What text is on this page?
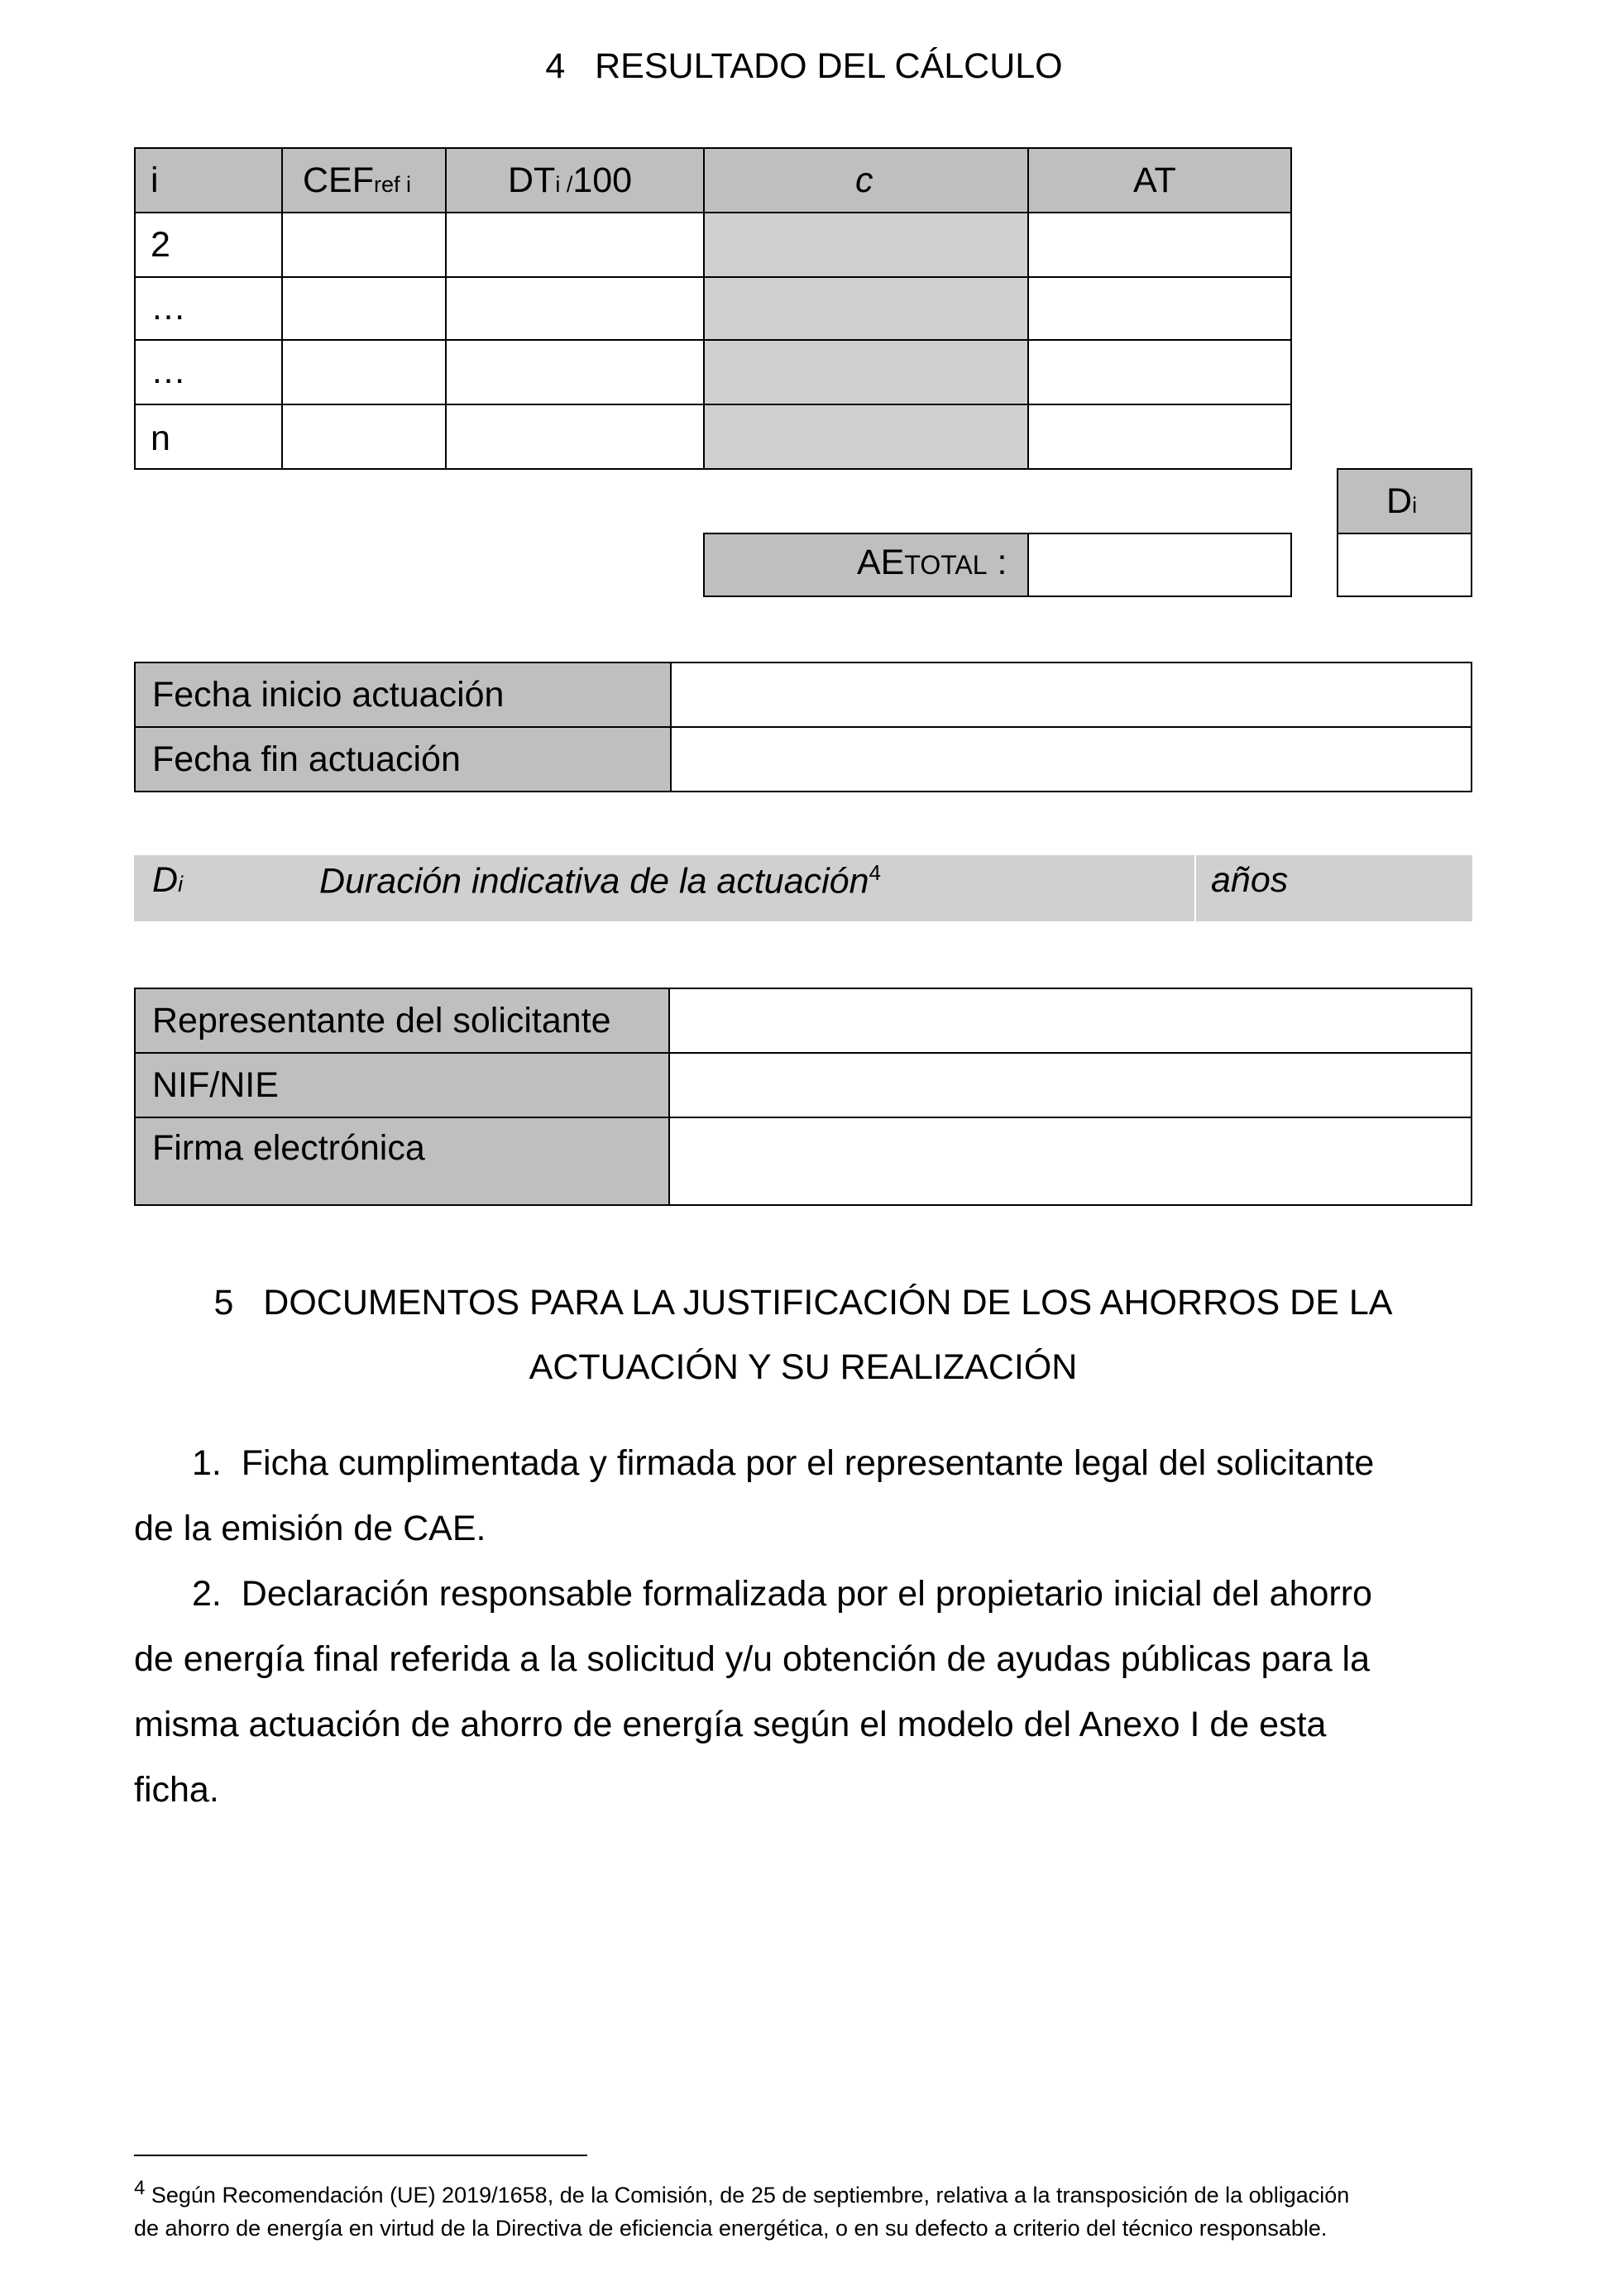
4 RESULTADO DEL CÁLCULO
i	CEFref i	DTi /100	c	AT
2
…
…
n
Di
AETOTAL :
Fecha inicio actuación
Fecha fin actuación
Di	Duración indicativa de la actuación$^4$	años
Representante del solicitante
NIF/NIE
Firma electrónica
5 DOCUMENTOS PARA LA JUSTIFICACIÓN DE LOS AHORROS DE LA
ACTUACIÓN Y SU REALIZACIÓN
1. Ficha cumplimentada y firmada por el representante legal del solicitante
de la emisión de CAE.
2. Declaración responsable formalizada por el propietario inicial del ahorro
de energía final referida a la solicitud y/u obtención de ayudas públicas para la
misma actuación de ahorro de energía según el modelo del Anexo I de esta
ficha.
$^4$ Según Recomendación (UE) 2019/1658, de la Comisión, de 25 de septiembre, relativa a la transposición de la obligación
de ahorro de energía en virtud de la Directiva de eficiencia energética, o en su defecto a criterio del técnico responsable.
